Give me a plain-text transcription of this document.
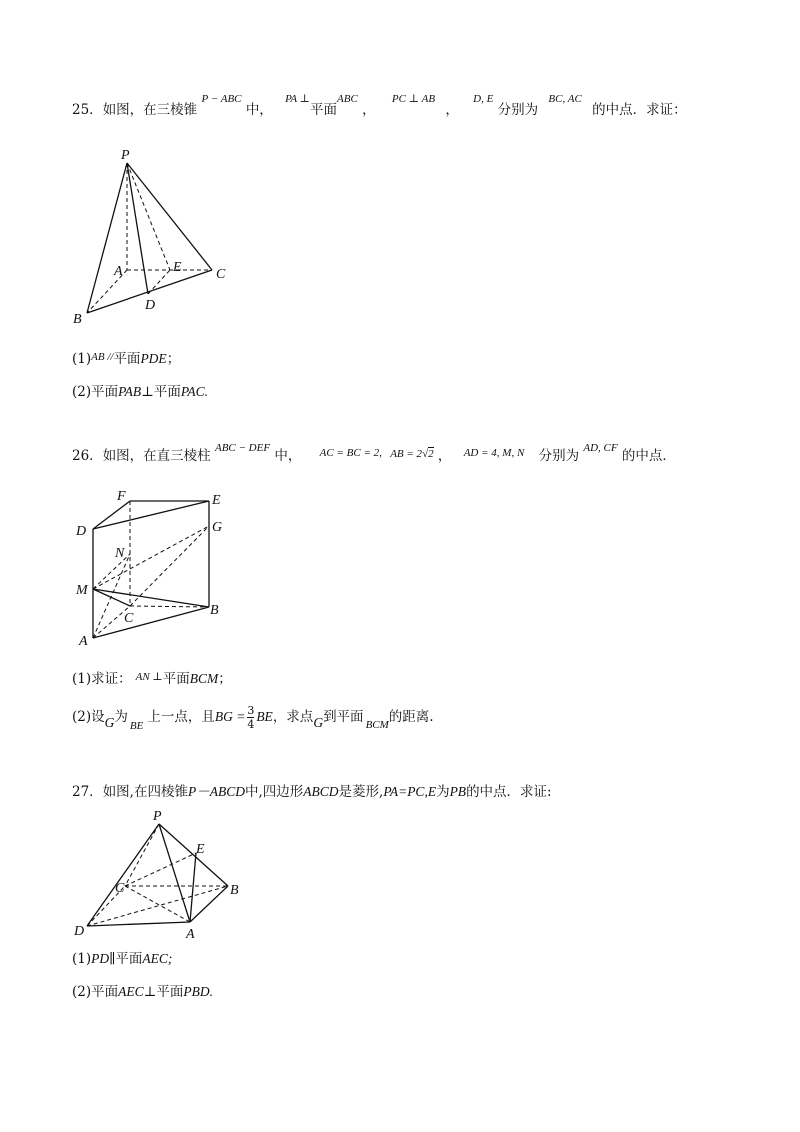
25．如图，在三棱锥 $^{P - ABC}$ 中， $^{PA \perp}$平面$^{ABC}$ ， $^{PC \perp AB}$ ， $^{D, E}$ 分别为 $^{BC, AC}$ 的中点．求证：
P
A	E C
D
B
$(1)^{AB //}$平面PDE；
(2)平面PAB⊥平面PAC.
26．如图，在直三棱柱 $^{ABC - DEF}$ 中， $^{AC = BC = 2,}$ $^{AB = 2√2}$ ， $^{AD = 4, M, N}$ 分别为 $^{AD, CF}$ 的中点．
F	E
D	G
N
M
B
C
A
(1)求证： $^{AN \perp}$平面BCM；
(2)设G为$_{BE}$上一点，且BG = $\frac{3}{4}$ BE，求点G到平面 $_{BCM}$的距离.
27．如图,在四棱锥P－ABCD中,四边形ABCD是菱形,PA=PC,E为PB的中点．求证:
P
E
C	B
D	A
(1)PD∥平面AEC;
(2)平面AEC⊥平面PBD.
